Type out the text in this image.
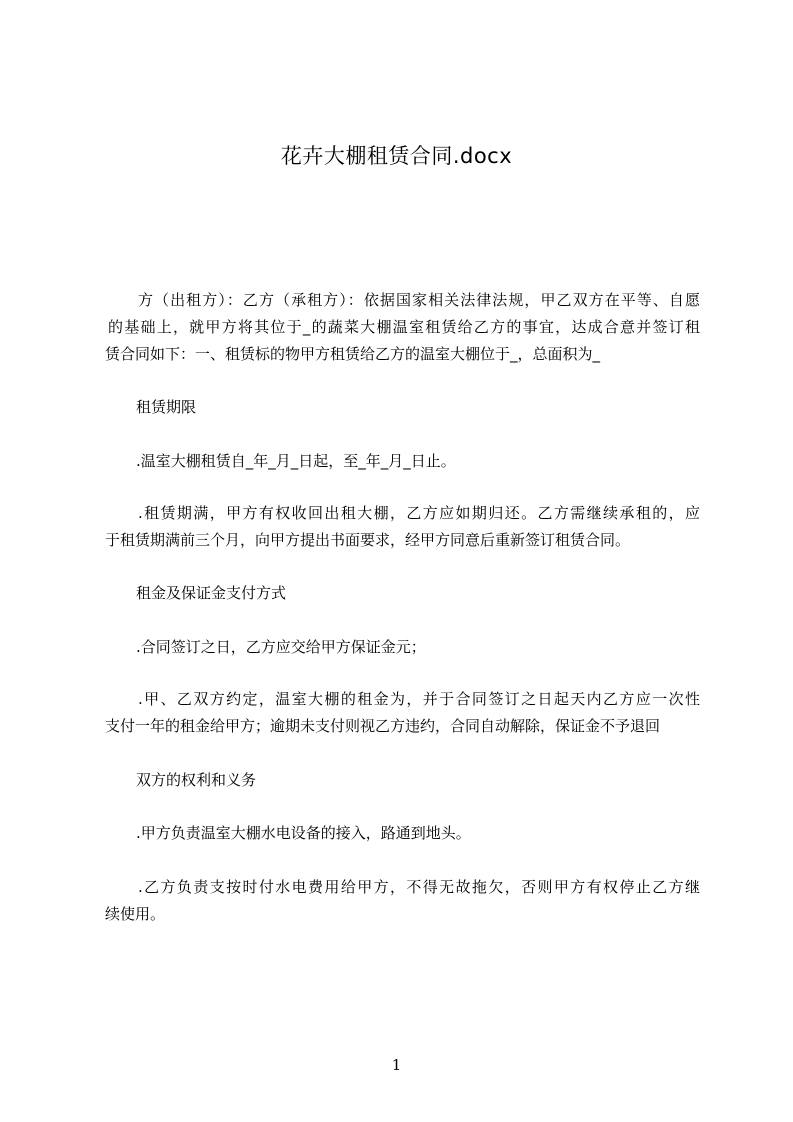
花卉大棚租赁合同.docx
方（出租方）：乙方（承租方）：依据国家相关法律法规，甲乙双方在平等、自愿
的基础上，就甲方将其位于_的蔬菜大棚温室租赁给乙方的事宜，达成合意并签订租
赁合同如下：一、租赁标的物甲方租赁给乙方的温室大棚位于_，总面积为_
租赁期限
.温室大棚租赁自_年_月_日起，至_年_月_日止。
.租赁期满，甲方有权收回出租大棚，乙方应如期归还。乙方需继续承租的，应
于租赁期满前三个月，向甲方提出书面要求，经甲方同意后重新签订租赁合同。
租金及保证金支付方式
.合同签订之日，乙方应交给甲方保证金元；
.甲、乙双方约定，温室大棚的租金为，并于合同签订之日起天内乙方应一次性
支付一年的租金给甲方；逾期未支付则视乙方违约，合同自动解除，保证金不予退回
双方的权利和义务
.甲方负责温室大棚水电设备的接入，路通到地头。
.乙方负责支按时付水电费用给甲方，不得无故拖欠，否则甲方有权停止乙方继
续使用。
1
